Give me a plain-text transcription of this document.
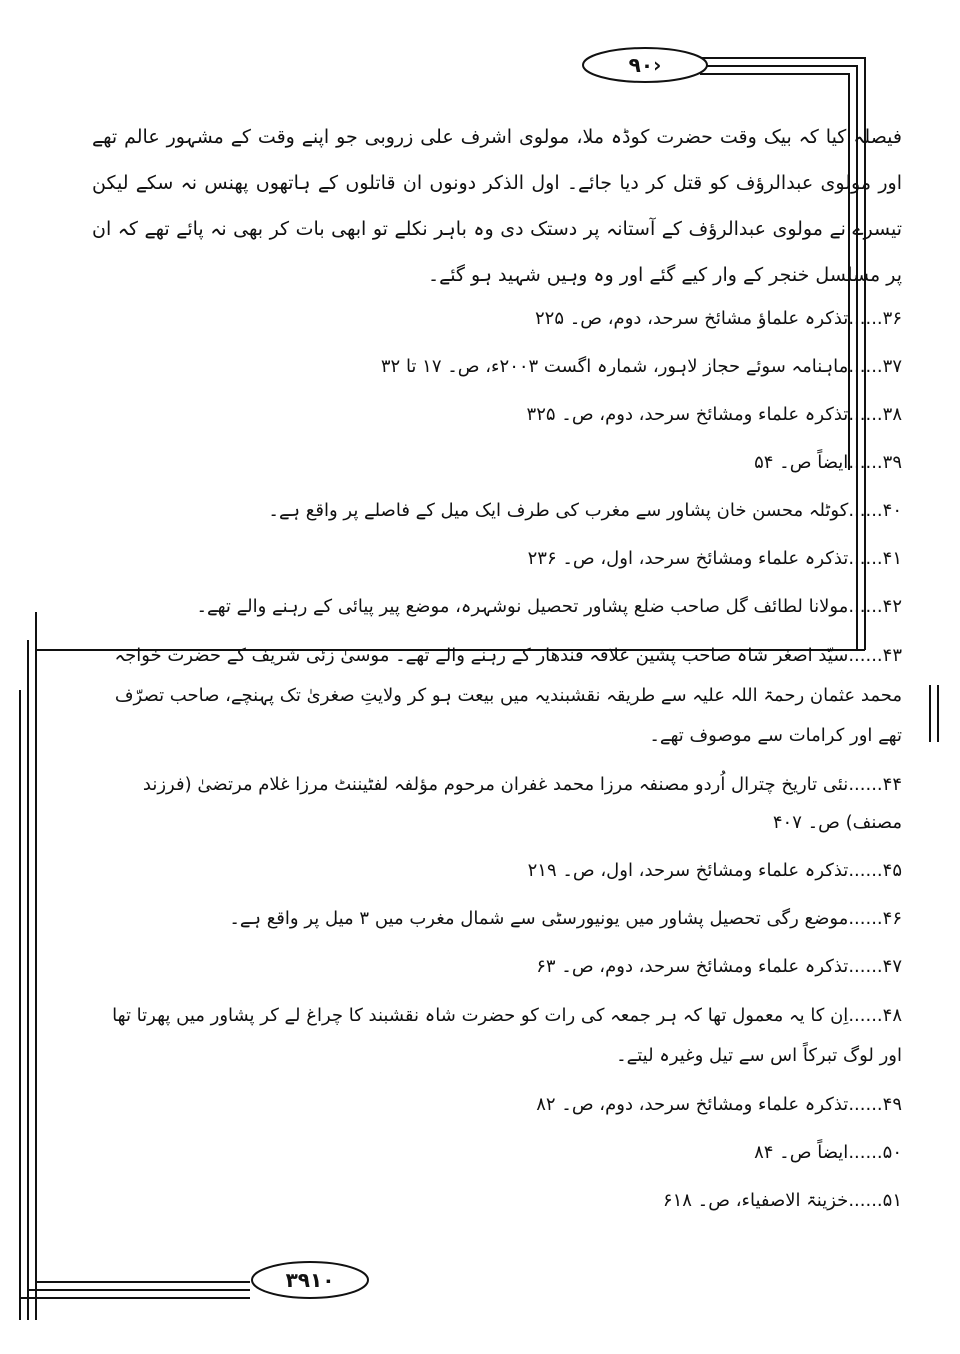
‹۹۰
۳۹۱۰
فیصلہ کیا کہ بیک وقت حضرت کوڈہ ملا، مولوی اشرف علی زروبی جو اپنے وقت کے مشہور عالم تھے اور مولوی عبدالرؤف کو قتل کر دیا جائے۔ اول الذکر دونوں ان قاتلوں کے ہاتھوں پھنس نہ سکے لیکن تیسرے نے مولوی عبدالرؤف کے آستانہ پر دستک دی وہ باہر نکلے تو ابھی بات کر بھی نہ پائے تھے کہ ان پر مسلسل خنجر کے وار کیے گئے اور وہ وہیں شہید ہو گئے۔
۳۶......تذکرہ علماؤ مشائخ سرحد، دوم، ص۔ ۲۲۵
۳۷......ماہنامہ سوئے حجاز لاہور، شمارہ اگست ۲۰۰۳ء، ص۔ ۱۷ تا ۳۲
۳۸......تذکرہ علماء ومشائخ سرحد، دوم، ص۔ ۳۲۵
۳۹......ایضاً ص۔ ۵۴
۴۰......کوٹلہ محسن خان پشاور سے مغرب کی طرف ایک میل کے فاصلے پر واقع ہے۔
۴۱......تذکرہ علماء ومشائخ سرحد، اول، ص۔ ۲۳۶
۴۲......مولانا لطائف گل صاحب ضلع پشاور تحصیل نوشہرہ، موضع پیر پیائی کے رہنے والے تھے۔
۴۳......سیّد اصغر شاہ صاحب پشین علاقہ قندھار کے رہنے والے تھے۔ موسیٰ زئی شریف کے حضرت خواجہ محمد عثمان رحمۃ اللہ علیہ سے طریقہ نقشبندیہ میں بیعت ہو کر ولایتِ صغریٰ تک پہنچے، صاحب تصرّف تھے اور کرامات سے موصوف تھے۔
۴۴......نئی تاریخ چترال اُردو مصنفہ مرزا محمد غفران مرحوم مؤلفہ لفٹیننٹ مرزا غلام مرتضیٰ (فرزند مصنف) ص۔ ۴۰۷
۴۵......تذکرہ علماء ومشائخ سرحد، اول، ص۔ ۲۱۹
۴۶......موضع رگی تحصیل پشاور میں یونیورسٹی سے شمال مغرب میں ۳ میل پر واقع ہے۔
۴۷......تذکرہ علماء ومشائخ سرحد، دوم، ص۔ ۶۳
۴۸......اِن کا یہ معمول تھا کہ ہر جمعہ کی رات کو حضرت شاہ نقشبند کا چراغ لے کر پشاور میں پھرتا تھا اور لوگ تبرکاً اس سے تیل وغیرہ لیتے۔
۴۹......تذکرہ علماء ومشائخ سرحد، دوم، ص۔ ۸۲
۵۰......ایضاً ص۔ ۸۴
۵۱......خزینۃ الاصفیاء، ص۔ ۶۱۸
